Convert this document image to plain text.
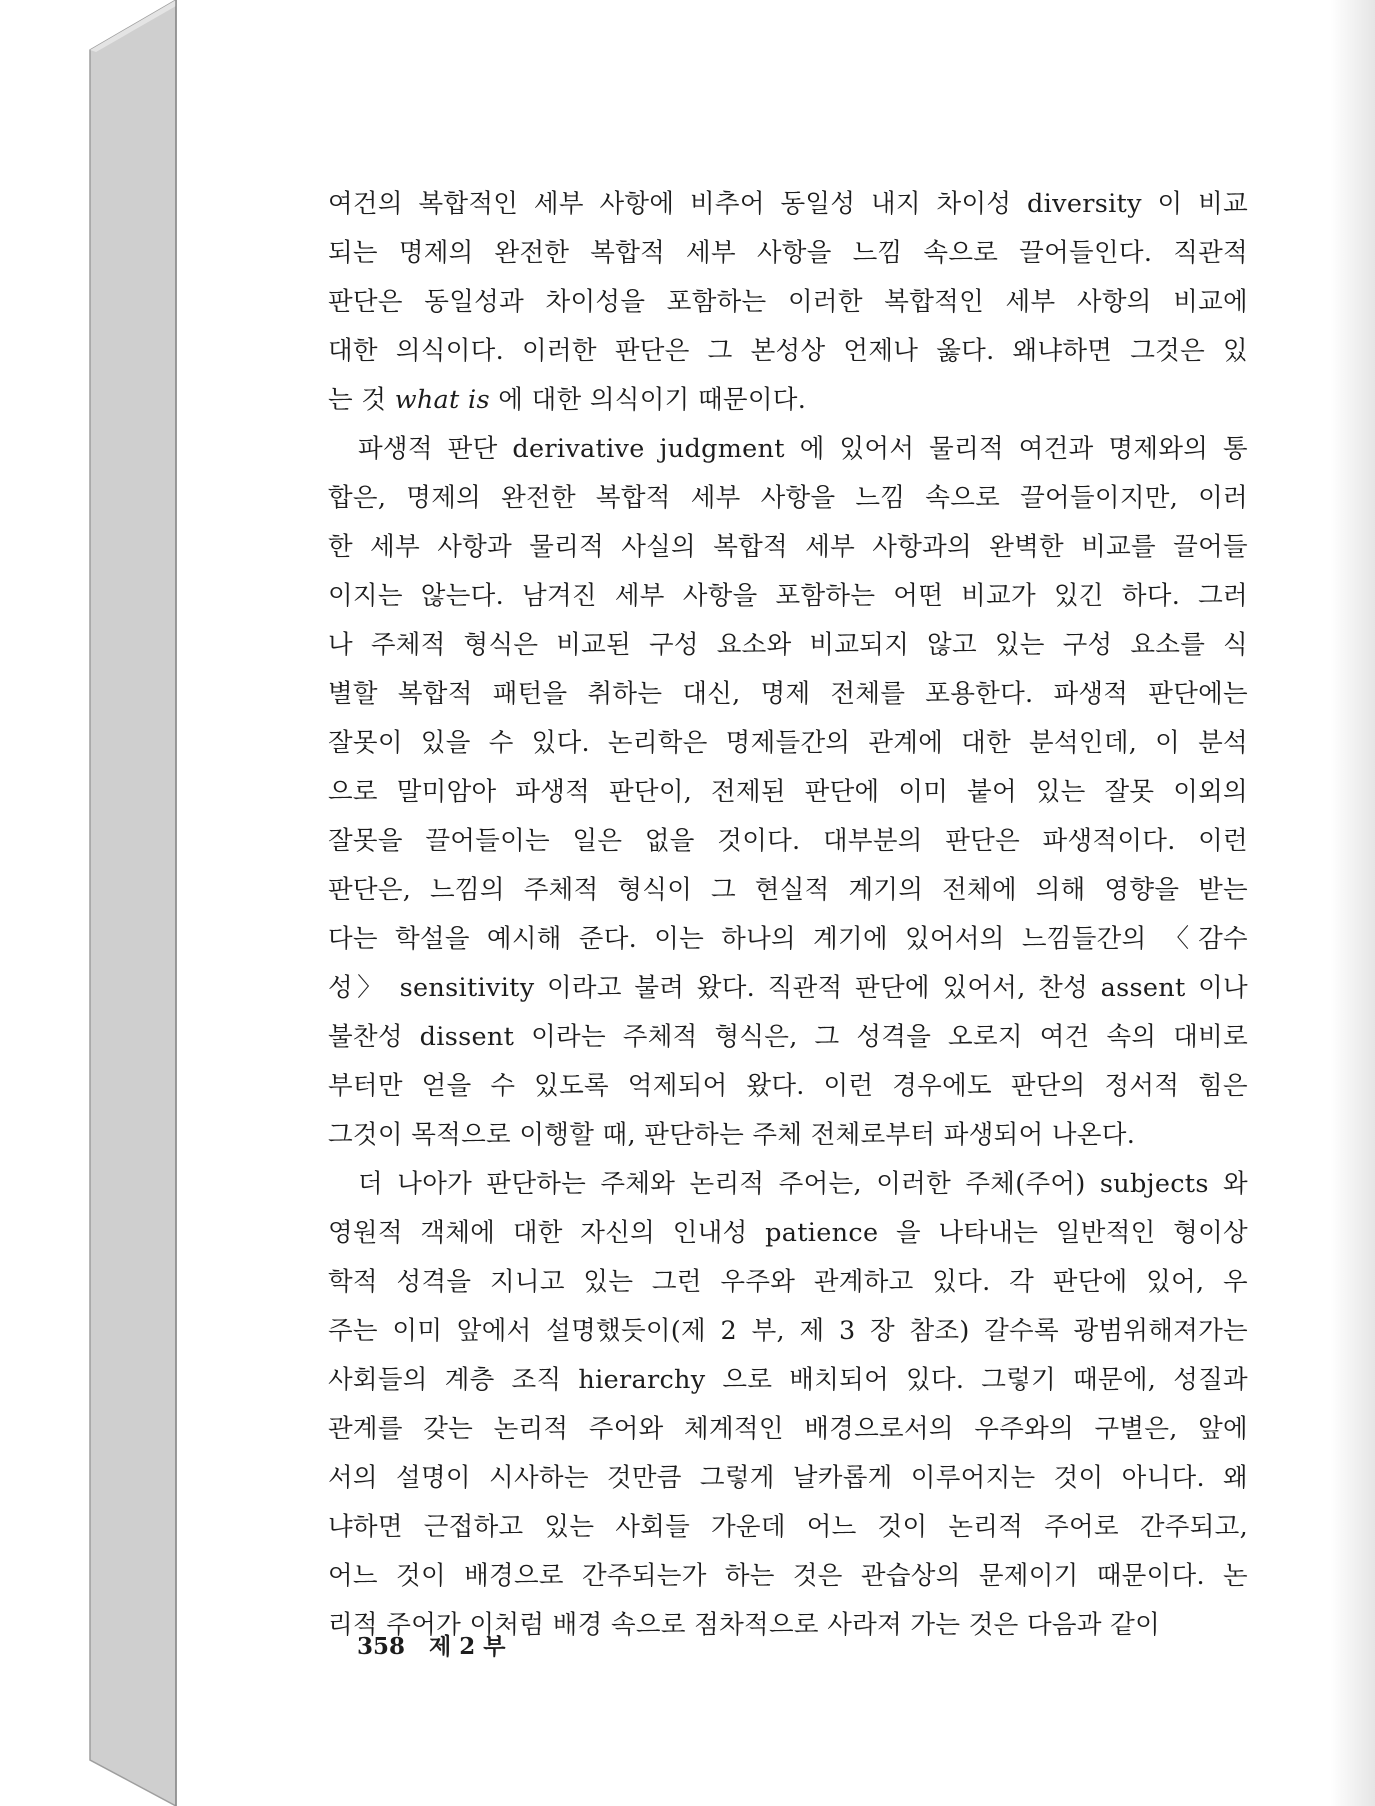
여건의 복합적인 세부 사항에 비추어 동일성 내지 차이성 diversity 이 비교
되는 명제의 완전한 복합적 세부 사항을 느낌 속으로 끌어들인다. 직관적
판단은 동일성과 차이성을 포함하는 이러한 복합적인 세부 사항의 비교에
대한 의식이다. 이러한 판단은 그 본성상 언제나 옳다. 왜냐하면 그것은 있
는 것 what is 에 대한 의식이기 때문이다.
파생적 판단 derivative judgment 에 있어서 물리적 여건과 명제와의 통
합은, 명제의 완전한 복합적 세부 사항을 느낌 속으로 끌어들이지만, 이러
한 세부 사항과 물리적 사실의 복합적 세부 사항과의 완벽한 비교를 끌어들
이지는 않는다. 남겨진 세부 사항을 포함하는 어떤 비교가 있긴 하다. 그러
나 주체적 형식은 비교된 구성 요소와 비교되지 않고 있는 구성 요소를 식
별할 복합적 패턴을 취하는 대신, 명제 전체를 포용한다. 파생적 판단에는
잘못이 있을 수 있다. 논리학은 명제들간의 관계에 대한 분석인데, 이 분석
으로 말미암아 파생적 판단이, 전제된 판단에 이미 붙어 있는 잘못 이외의
잘못을 끌어들이는 일은 없을 것이다. 대부분의 판단은 파생적이다. 이런
판단은, 느낌의 주체적 형식이 그 현실적 계기의 전체에 의해 영향을 받는
다는 학설을 예시해 준다. 이는 하나의 계기에 있어서의 느낌들간의 〈감수
성〉 sensitivity 이라고 불려 왔다. 직관적 판단에 있어서, 찬성 assent 이나
불찬성 dissent 이라는 주체적 형식은, 그 성격을 오로지 여건 속의 대비로
부터만 얻을 수 있도록 억제되어 왔다. 이런 경우에도 판단의 정서적 힘은
그것이 목적으로 이행할 때, 판단하는 주체 전체로부터 파생되어 나온다.
더 나아가 판단하는 주체와 논리적 주어는, 이러한 주체(주어) subjects 와
영원적 객체에 대한 자신의 인내성 patience 을 나타내는 일반적인 형이상
학적 성격을 지니고 있는 그런 우주와 관계하고 있다. 각 판단에 있어, 우
주는 이미 앞에서 설명했듯이(제 2 부, 제 3 장 참조) 갈수록 광범위해져가는
사회들의 계층 조직 hierarchy 으로 배치되어 있다. 그렇기 때문에, 성질과
관계를 갖는 논리적 주어와 체계적인 배경으로서의 우주와의 구별은, 앞에
서의 설명이 시사하는 것만큼 그렇게 날카롭게 이루어지는 것이 아니다. 왜
냐하면 근접하고 있는 사회들 가운데 어느 것이 논리적 주어로 간주되고,
어느 것이 배경으로 간주되는가 하는 것은 관습상의 문제이기 때문이다. 논
리적 주어가 이처럼 배경 속으로 점차적으로 사라져 가는 것은 다음과 같이
358 제 2 부
